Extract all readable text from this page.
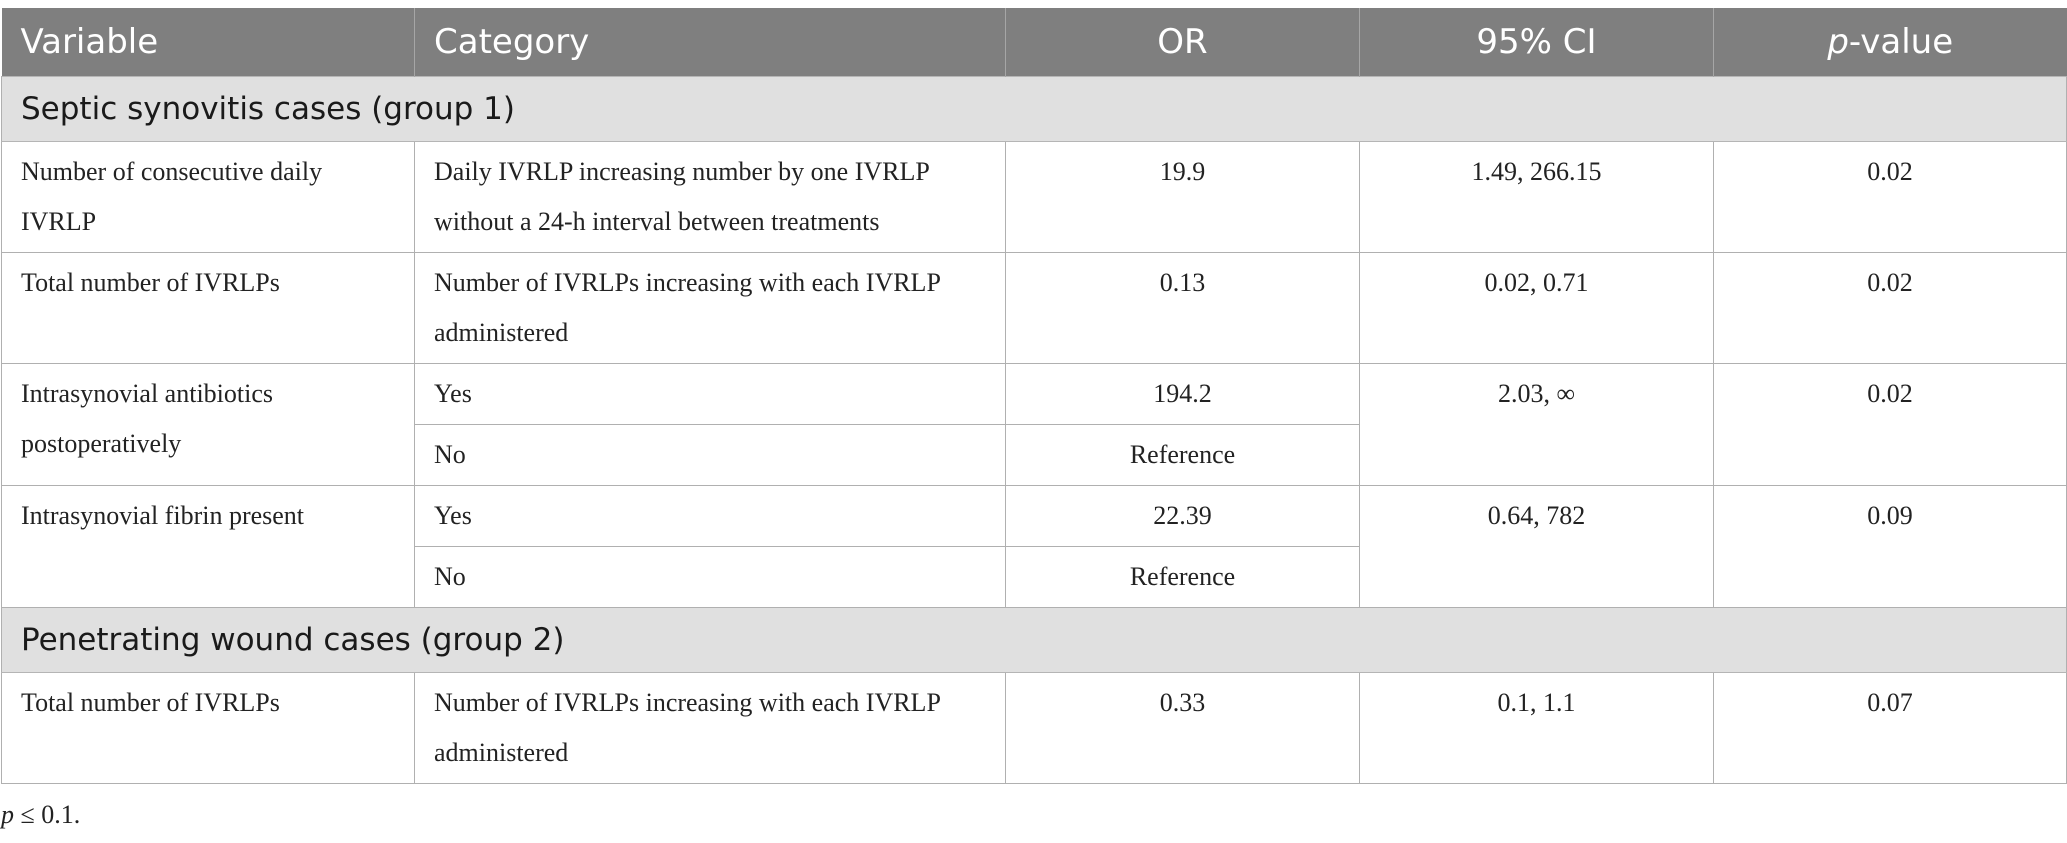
Variable	Category	OR	95% CI	p-value
Septic synovitis cases (group 1)				
Number of consecutive daily IVRLP	Daily IVRLP increasing number by one IVRLP without a 24-h interval between treatments	19.9	1.49, 266.15	0.02
Total number of IVRLPs	Number of IVRLPs increasing with each IVRLP administered	0.13	0.02, 0.71	0.02
Intrasynovial antibiotics postoperatively	Yes	194.2	2.03, ∞	0.02
	No	Reference		
Intrasynovial fibrin present	Yes	22.39	0.64, 782	0.09
	No	Reference		
Penetrating wound cases (group 2)				
Total number of IVRLPs	Number of IVRLPs increasing with each IVRLP administered	0.33	0.1, 1.1	0.07
p ≤ 0.1.
